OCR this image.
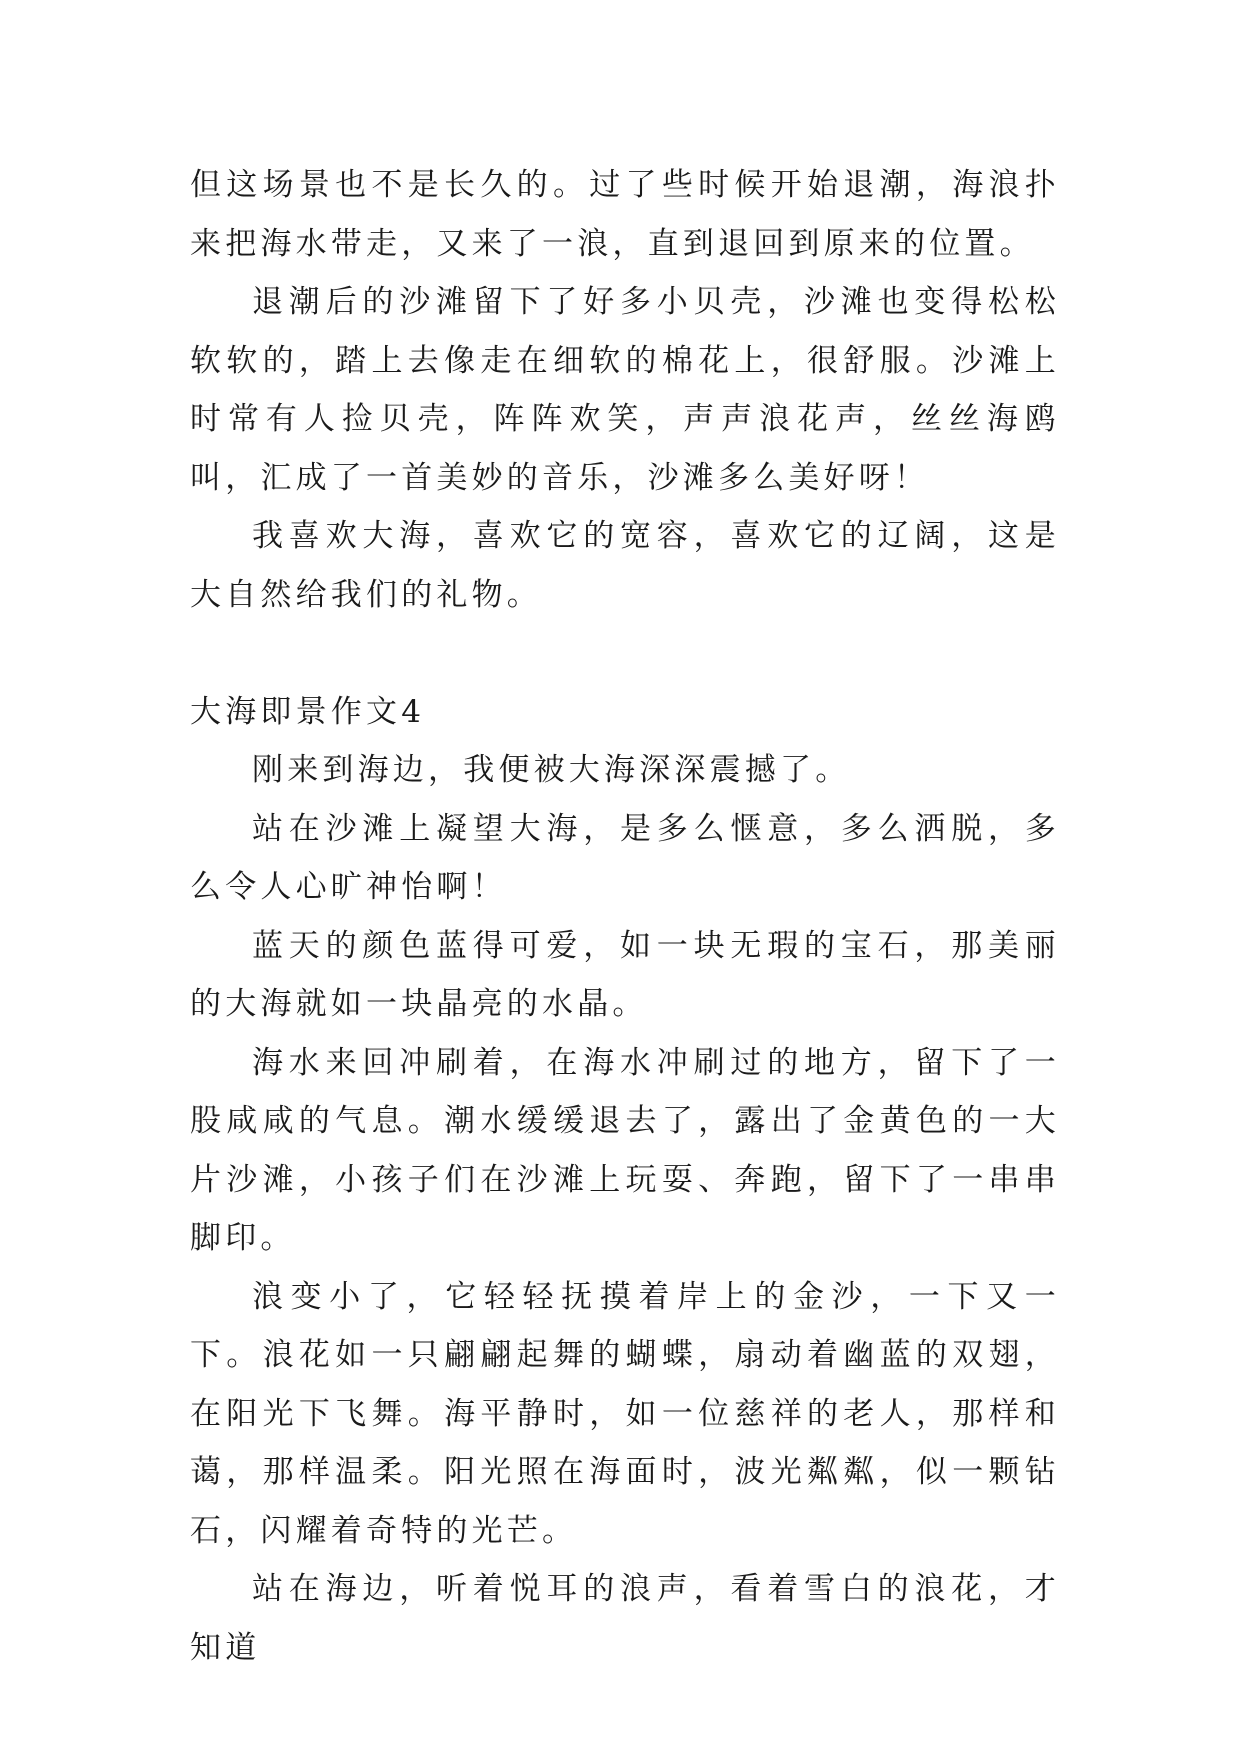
但这场景也不是长久的。过了些时候开始退潮，海浪扑来把海水带走，又来了一浪，直到退回到原来的位置。

退潮后的沙滩留下了好多小贝壳，沙滩也变得松松软软的，踏上去像走在细软的棉花上，很舒服。沙滩上时常有人捡贝壳，阵阵欢笑，声声浪花声，丝丝海鸥叫，汇成了一首美妙的音乐，沙滩多么美好呀！

我喜欢大海，喜欢它的宽容，喜欢它的辽阔，这是大自然给我们的礼物。

大海即景作文4

刚来到海边，我便被大海深深震撼了。

站在沙滩上凝望大海，是多么惬意，多么洒脱，多么令人心旷神怡啊！

蓝天的颜色蓝得可爱，如一块无瑕的宝石，那美丽的大海就如一块晶亮的水晶。

海水来回冲刷着，在海水冲刷过的地方，留下了一股咸咸的气息。潮水缓缓退去了，露出了金黄色的一大片沙滩，小孩子们在沙滩上玩耍、奔跑，留下了一串串脚印。

浪变小了，它轻轻抚摸着岸上的金沙，一下又一下。浪花如一只翩翩起舞的蝴蝶，扇动着幽蓝的双翅，在阳光下飞舞。海平静时，如一位慈祥的老人，那样和蔼，那样温柔。阳光照在海面时，波光粼粼，似一颗钻石，闪耀着奇特的光芒。

站在海边，听着悦耳的浪声，看着雪白的浪花，才知道
